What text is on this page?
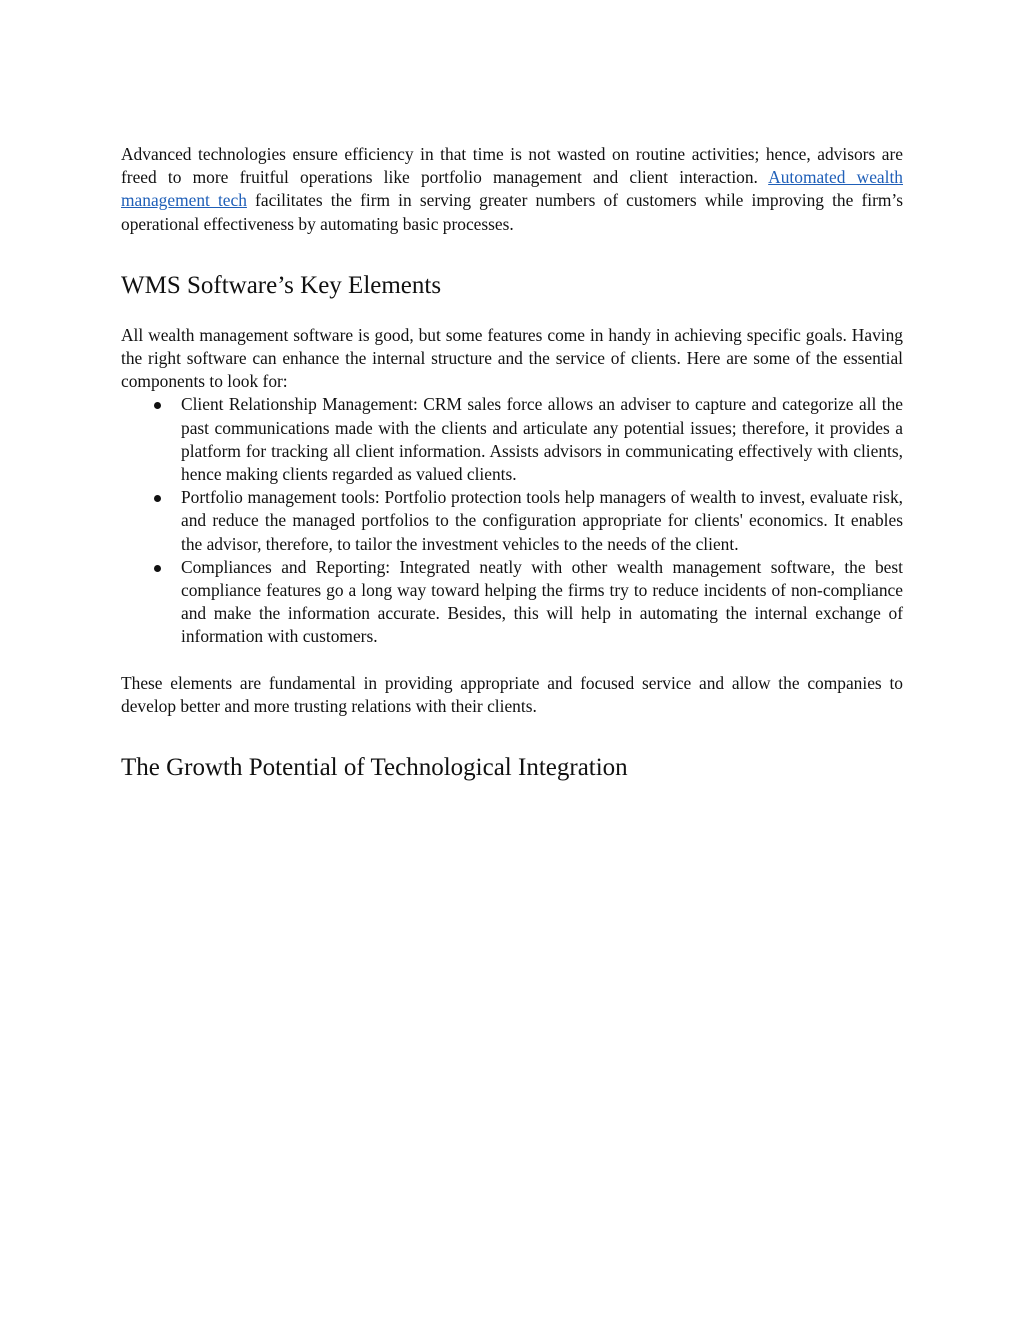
Advanced technologies ensure efficiency in that time is not wasted on routine activities; hence, advisors are freed to more fruitful operations like portfolio management and client interaction. Automated wealth management tech facilitates the firm in serving greater numbers of customers while improving the firm’s operational effectiveness by automating basic processes.

WMS Software’s Key Elements

All wealth management software is good, but some features come in handy in achieving specific goals. Having the right software can enhance the internal structure and the service of clients. Here are some of the essential components to look for:

Client Relationship Management: CRM sales force allows an adviser to capture and categorize all the past communications made with the clients and articulate any potential issues; therefore, it provides a platform for tracking all client information. Assists advisors in communicating effectively with clients, hence making clients regarded as valued clients.
Portfolio management tools: Portfolio protection tools help managers of wealth to invest, evaluate risk, and reduce the managed portfolios to the configuration appropriate for clients' economics. It enables the advisor, therefore, to tailor the investment vehicles to the needs of the client.
Compliances and Reporting: Integrated neatly with other wealth management software, the best compliance features go a long way toward helping the firms try to reduce incidents of non-compliance and make the information accurate. Besides, this will help in automating the internal exchange of information with customers.

These elements are fundamental in providing appropriate and focused service and allow the companies to develop better and more trusting relations with their clients.

The Growth Potential of Technological Integration
